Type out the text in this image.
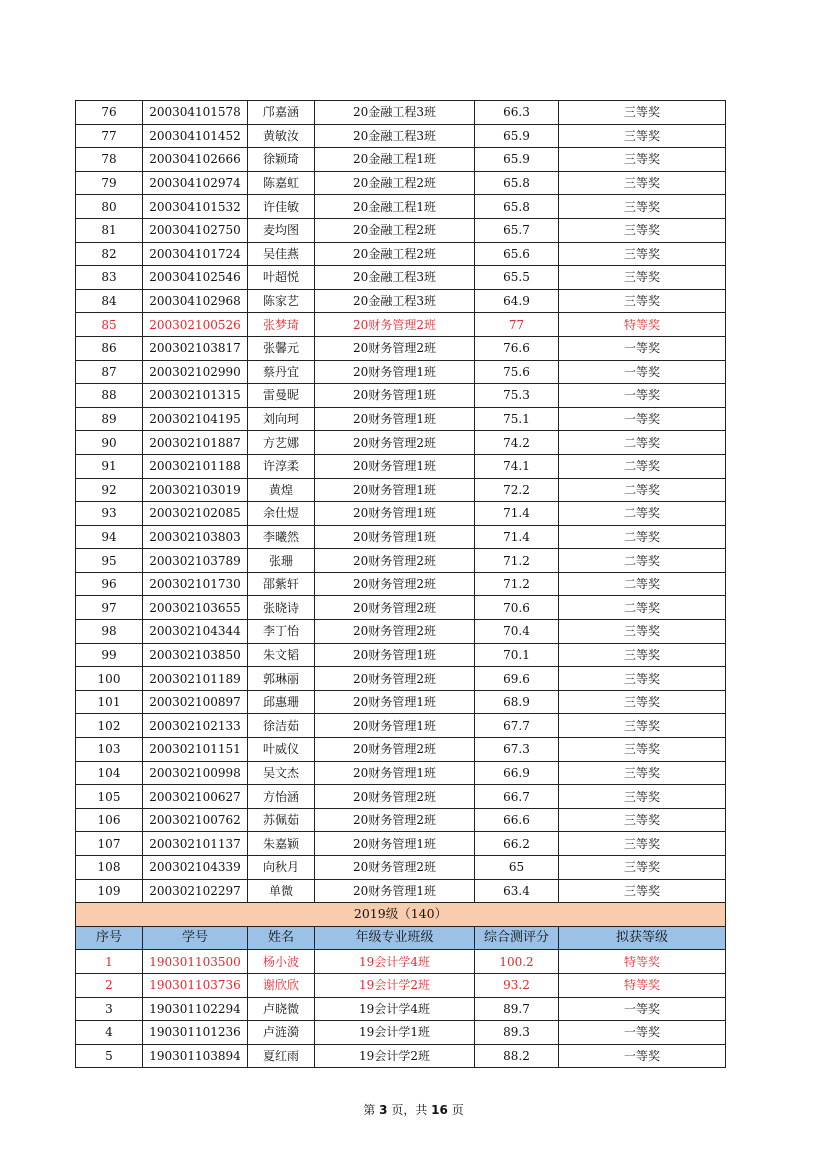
76	200304101578	邝嘉涵	20金融工程3班	66.3	三等奖
77	200304101452	黄敏汝	20金融工程3班	65.9	三等奖
78	200304102666	徐颖琦	20金融工程1班	65.9	三等奖
79	200304102974	陈嘉虹	20金融工程2班	65.8	三等奖
80	200304101532	许佳敏	20金融工程1班	65.8	三等奖
81	200304102750	麦均图	20金融工程2班	65.7	三等奖
82	200304101724	吴佳燕	20金融工程2班	65.6	三等奖
83	200304102546	叶超悦	20金融工程3班	65.5	三等奖
84	200304102968	陈家艺	20金融工程3班	64.9	三等奖
85	200302100526	张梦琦	20财务管理2班	77	特等奖
86	200302103817	张馨元	20财务管理2班	76.6	一等奖
87	200302102990	蔡丹宜	20财务管理1班	75.6	一等奖
88	200302101315	雷曼昵	20财务管理1班	75.3	一等奖
89	200302104195	刘向珂	20财务管理1班	75.1	一等奖
90	200302101887	方艺娜	20财务管理2班	74.2	二等奖
91	200302101188	许淳柔	20财务管理1班	74.1	二等奖
92	200302103019	黄煌	20财务管理1班	72.2	二等奖
93	200302102085	余仕煜	20财务管理1班	71.4	二等奖
94	200302103803	李曦然	20财务管理1班	71.4	二等奖
95	200302103789	张珊	20财务管理2班	71.2	二等奖
96	200302101730	邵紫轩	20财务管理2班	71.2	二等奖
97	200302103655	张晓诗	20财务管理2班	70.6	二等奖
98	200302104344	李丁怡	20财务管理2班	70.4	三等奖
99	200302103850	朱文韬	20财务管理1班	70.1	三等奖
100	200302101189	郭琳丽	20财务管理2班	69.6	三等奖
101	200302100897	邱惠珊	20财务管理1班	68.9	三等奖
102	200302102133	徐洁茹	20财务管理1班	67.7	三等奖
103	200302101151	叶威仪	20财务管理2班	67.3	三等奖
104	200302100998	吴文杰	20财务管理1班	66.9	三等奖
105	200302100627	方怡涵	20财务管理2班	66.7	三等奖
106	200302100762	苏佩茹	20财务管理2班	66.6	三等奖
107	200302101137	朱嘉颖	20财务管理1班	66.2	三等奖
108	200302104339	向秋月	20财务管理2班	65	三等奖
109	200302102297	单微	20财务管理1班	63.4	三等奖
2019级（140）					
序号	学号	姓名	年级专业班级	综合测评分	拟获等级
1	190301103500	杨小波	19会计学4班	100.2	特等奖
2	190301103736	谢欣欣	19会计学2班	93.2	特等奖
3	190301102294	卢晓微	19会计学4班	89.7	一等奖
4	190301101236	卢涟漪	19会计学1班	89.3	一等奖
5	190301103894	夏红雨	19会计学2班	88.2	一等奖
第 3 页，共 16 页
